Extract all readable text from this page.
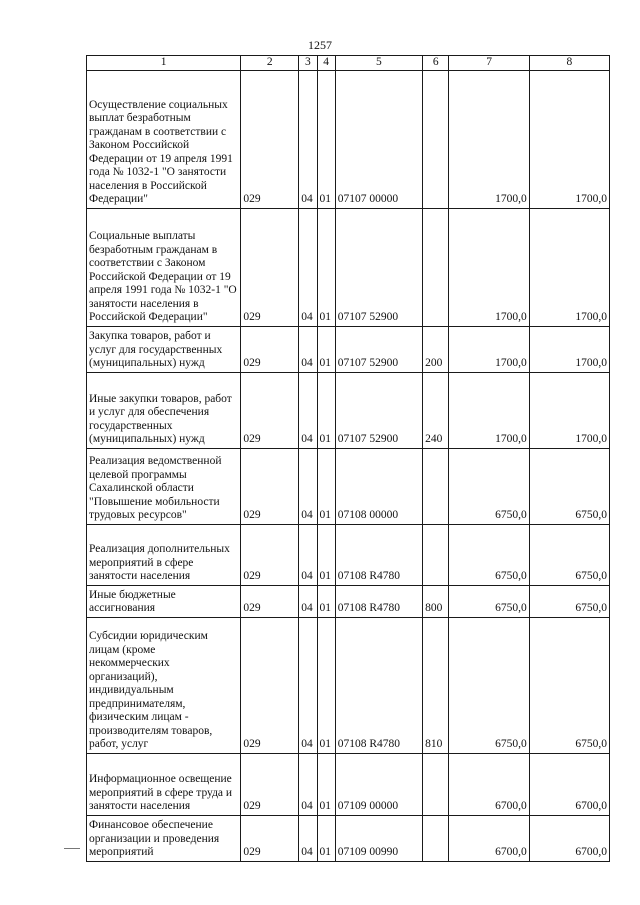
1257
1	2	3	4	5	6	7	8
Осуществление социальных выплат безработным гражданам в соответствии с Законом Российской Федерации от 19 апреля 1991 года № 1032-1 "О занятости населения в Российской Федерации"	029	04	01	07107 00000		1700,0	1700,0
Социальные выплаты безработным гражданам в соответствии с Законом Российской Федерации от 19 апреля 1991 года № 1032-1 "О занятости населения в Российской Федерации"	029	04	01	07107 52900		1700,0	1700,0
Закупка товаров, работ и услуг для государственных (муниципальных) нужд	029	04	01	07107 52900	200	1700,0	1700,0
Иные закупки товаров, работ и услуг для обеспечения государственных (муниципальных) нужд	029	04	01	07107 52900	240	1700,0	1700,0
Реализация ведомственной целевой программы Сахалинской области "Повышение мобильности трудовых ресурсов"	029	04	01	07108 00000		6750,0	6750,0
Реализация дополнительных мероприятий в сфере занятости населения	029	04	01	07108 R4780		6750,0	6750,0
Иные бюджетные ассигнования	029	04	01	07108 R4780	800	6750,0	6750,0
Субсидии юридическим лицам (кроме некоммерческих организаций), индивидуальным предпринимателям, физическим лицам - производителям товаров, работ, услуг	029	04	01	07108 R4780	810	6750,0	6750,0
Информационное освещение мероприятий в сфере труда и занятости населения	029	04	01	07109 00000		6700,0	6700,0
Финансовое обеспечение организации и проведения мероприятий	029	04	01	07109 00990		6700,0	6700,0
